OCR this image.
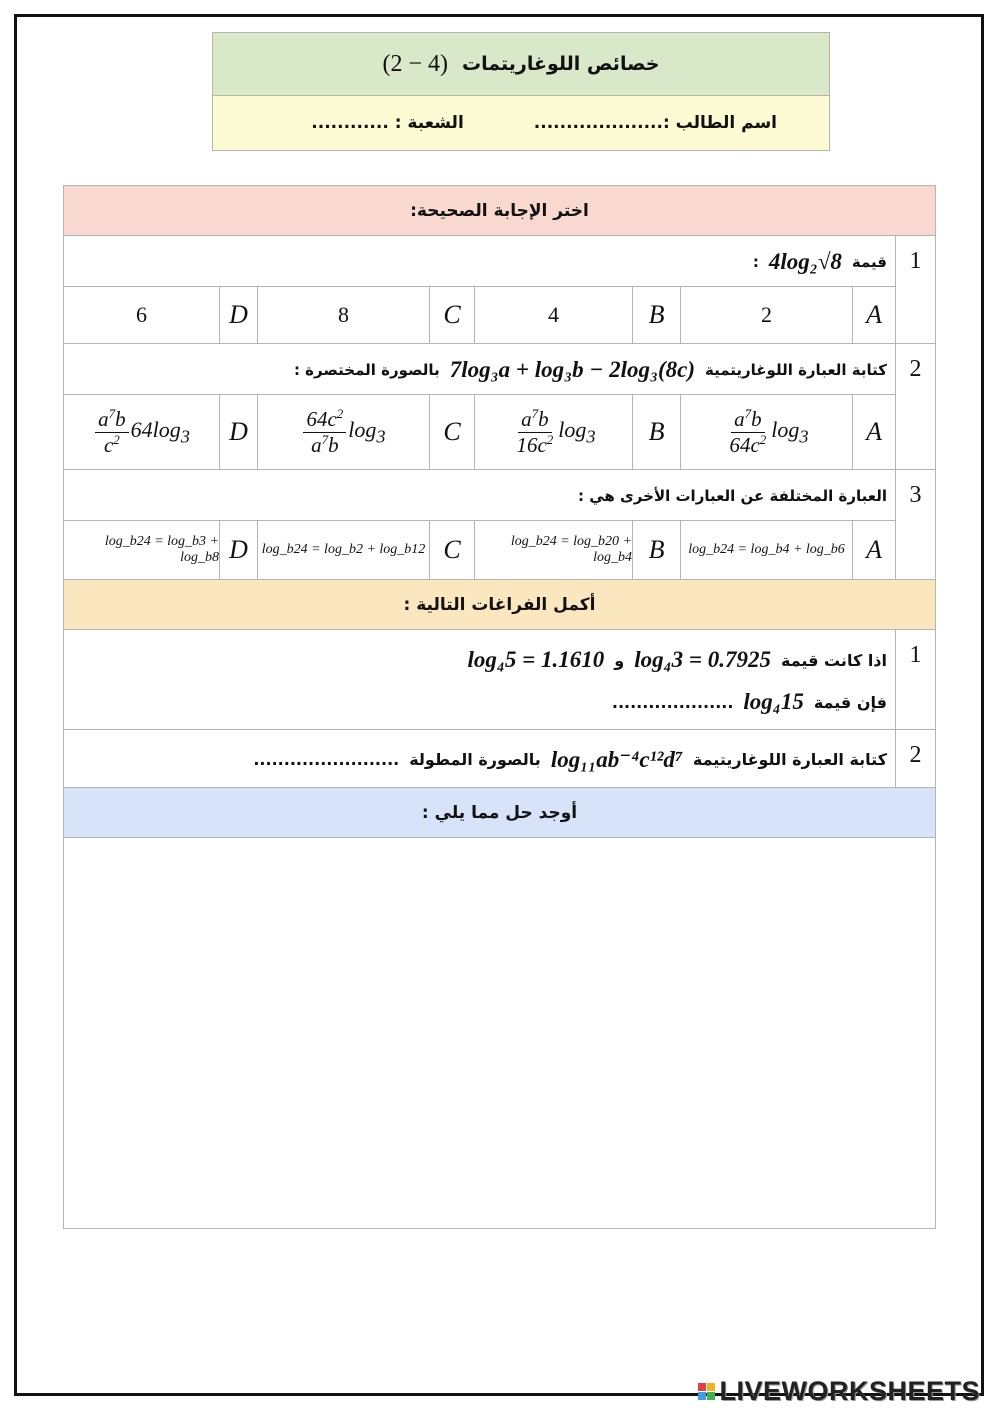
خصائص اللوغاريتمات
(4 − 2)
اسم الطالب :....................
الشعبة : ............
اختر الإجابة الصحيحة:
1
قيمة
4log₂√8
:
A
2
B
4
C
8
D
6
2
كتابة العبارة اللوغاريتمية
7log₃a + log₃b − 2log₃(8c)
بالصورة المختصرة :
A
$\log_3$
$\frac{a^7b}{64c^2}$
B
$\log_3$
$\frac{a^7b}{16c^2}$
C
$\log_3$
$\frac{64c^2}{a^7b}$
D
$64\log_3$
$\frac{a^7b}{c^2}$
3
العبارة المختلفة عن العبارات الأخرى هي :
A
log_b24 = log_b4 + log_b6
B
log_b24 = log_b20 + log_b4
C
log_b24 = log_b2 + log_b12
D
log_b24 = log_b3 + log_b8
أكمل الفراغات التالية :
1
اذا كانت قيمة
log₄3 = 0.7925
و
log₄5 = 1.1610
فإن قيمة
log₄15
....................
2
كتابة العبارة اللوغاريتيمة
log₁₁ab⁻⁴c¹²d⁷
بالصورة المطولة
........................
أوجد حل مما يلي :
LIVEWORKSHEETS
